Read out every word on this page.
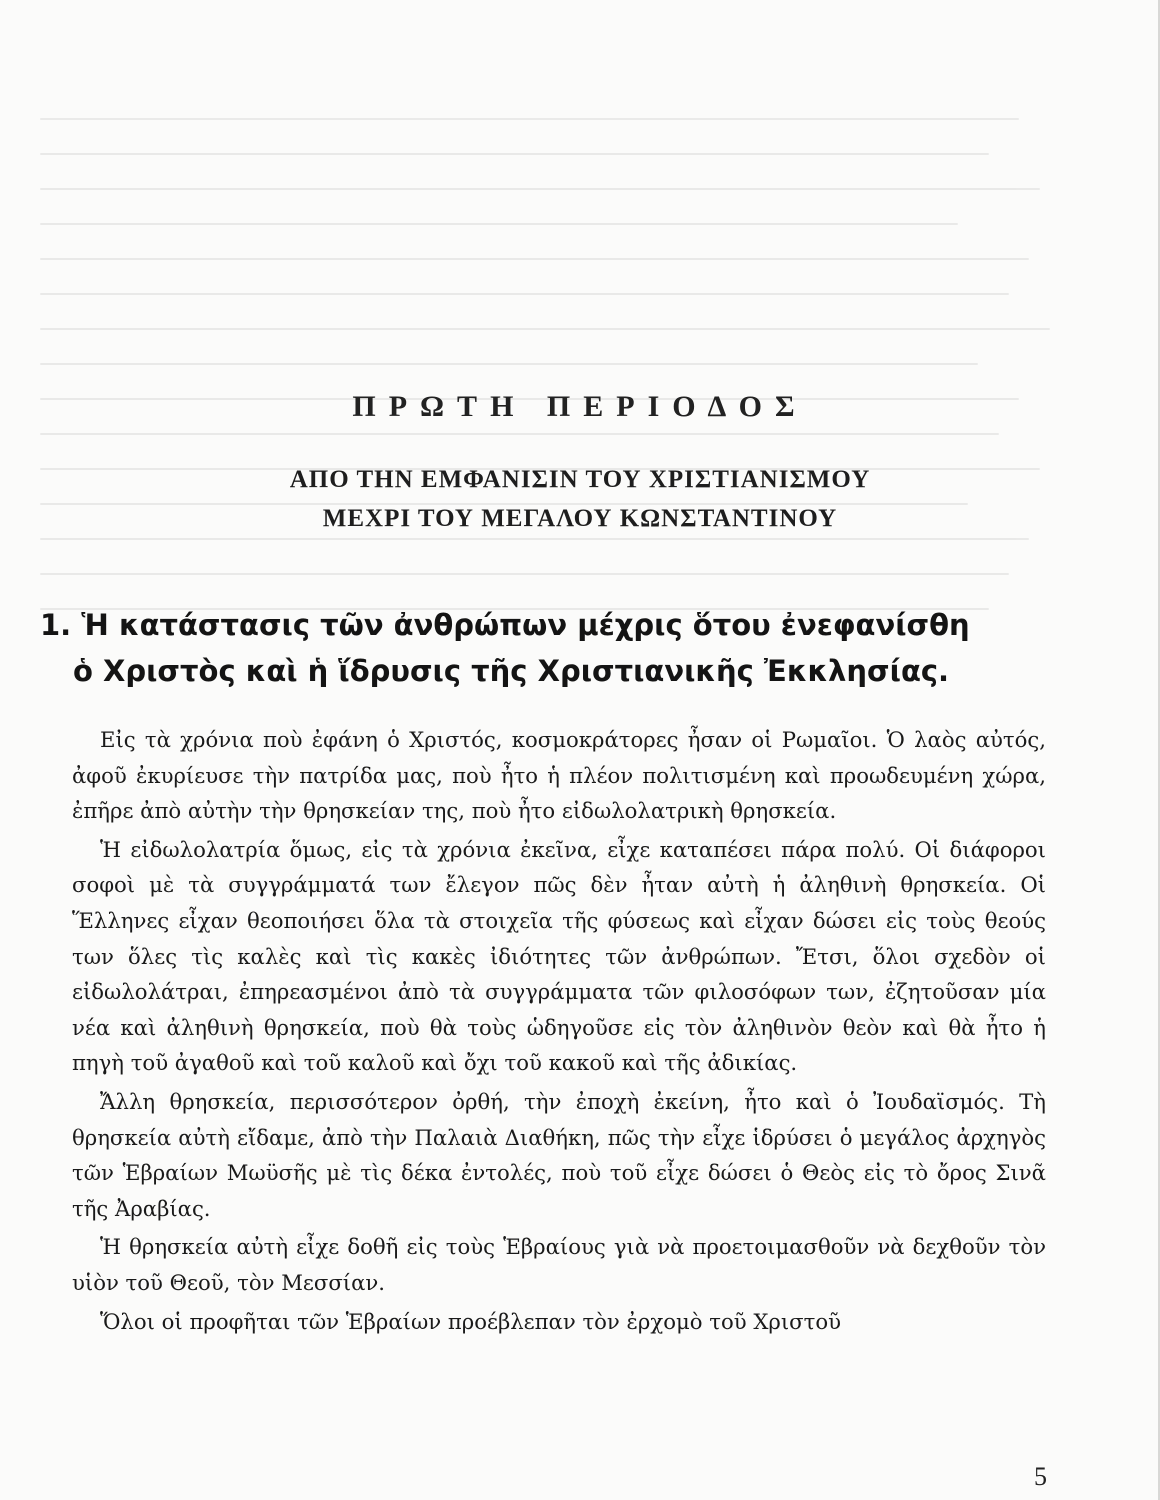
ΠΡΩΤΗ ΠΕΡΙΟΔΟΣ
ΑΠΟ ΤΗΝ ΕΜΦΑΝΙΣΙΝ ΤΟΥ ΧΡΙΣΤΙΑΝΙΣΜΟΥ
ΜΕΧΡΙ ΤΟΥ ΜΕΓΑΛΟΥ ΚΩΝΣΤΑΝΤΙΝΟΥ
1. Ἡ κατάστασις τῶν ἀνθρώπων μέχρις ὅτου ἐνεφανίσθη
ὁ Χριστὸς καὶ ἡ ἵδρυσις τῆς Χριστιανικῆς Ἐκκλησίας.

Εἰς τὰ χρόνια ποὺ ἐφάνη ὁ Χριστός, κοσμοκράτορες ἦσαν οἱ Ρωμαῖοι. Ὁ λαὸς αὐτός, ἀφοῦ ἐκυρίευσε τὴν πατρίδα μας, ποὺ ἦτο ἡ πλέον πολιτισμένη καὶ προωδευμένη χώρα, ἐπῆρε ἀπὸ αὐτὴν τὴν θρησκείαν της, ποὺ ἦτο εἰδωλολατρικὴ θρησκεία.

Ἡ εἰδωλολατρία ὅμως, εἰς τὰ χρόνια ἐκεῖνα, εἶχε καταπέσει πάρα πολύ. Οἱ διάφοροι σοφοὶ μὲ τὰ συγγράμματά των ἔλεγον πῶς δὲν ἦταν αὐτὴ ἡ ἀληθινὴ θρησκεία. Οἱ Ἕλληνες εἶχαν θεοποιήσει ὅλα τὰ στοιχεῖα τῆς φύσεως καὶ εἶχαν δώσει εἰς τοὺς θεούς των ὅλες τὶς καλὲς καὶ τὶς κακὲς ἰδιότητες τῶν ἀνθρώπων. Ἔτσι, ὅλοι σχεδὸν οἱ εἰδωλολάτραι, ἐπηρεασμένοι ἀπὸ τὰ συγγράμματα τῶν φιλοσόφων των, ἐζητοῦσαν μία νέα καὶ ἀληθινὴ θρησκεία, ποὺ θὰ τοὺς ὡδηγοῦσε εἰς τὸν ἀληθινὸν θεὸν καὶ θὰ ἦτο ἡ πηγὴ τοῦ ἀγαθοῦ καὶ τοῦ καλοῦ καὶ ὄχι τοῦ κακοῦ καὶ τῆς ἀδικίας.

Ἄλλη θρησκεία, περισσότερον ὀρθή, τὴν ἐποχὴ ἐκείνη, ἦτο καὶ ὁ Ἰουδαϊσμός. Τὴ θρησκεία αὐτὴ εἴδαμε, ἀπὸ τὴν Παλαιὰ Διαθήκη, πῶς τὴν εἶχε ἱδρύσει ὁ μεγάλος ἀρχηγὸς τῶν Ἑβραίων Μωϋσῆς μὲ τὶς δέκα ἐντολές, ποὺ τοῦ εἶχε δώσει ὁ Θεὸς εἰς τὸ ὄρος Σινᾶ τῆς Ἀραβίας.

Ἡ θρησκεία αὐτὴ εἶχε δοθῆ εἰς τοὺς Ἑβραίους γιὰ νὰ προετοιμασθοῦν νὰ δεχθοῦν τὸν υἱὸν τοῦ Θεοῦ, τὸν Μεσσίαν.

Ὅλοι οἱ προφῆται τῶν Ἑβραίων προέβλεπαν τὸν ἐρχομὸ τοῦ Χριστοῦ

5
